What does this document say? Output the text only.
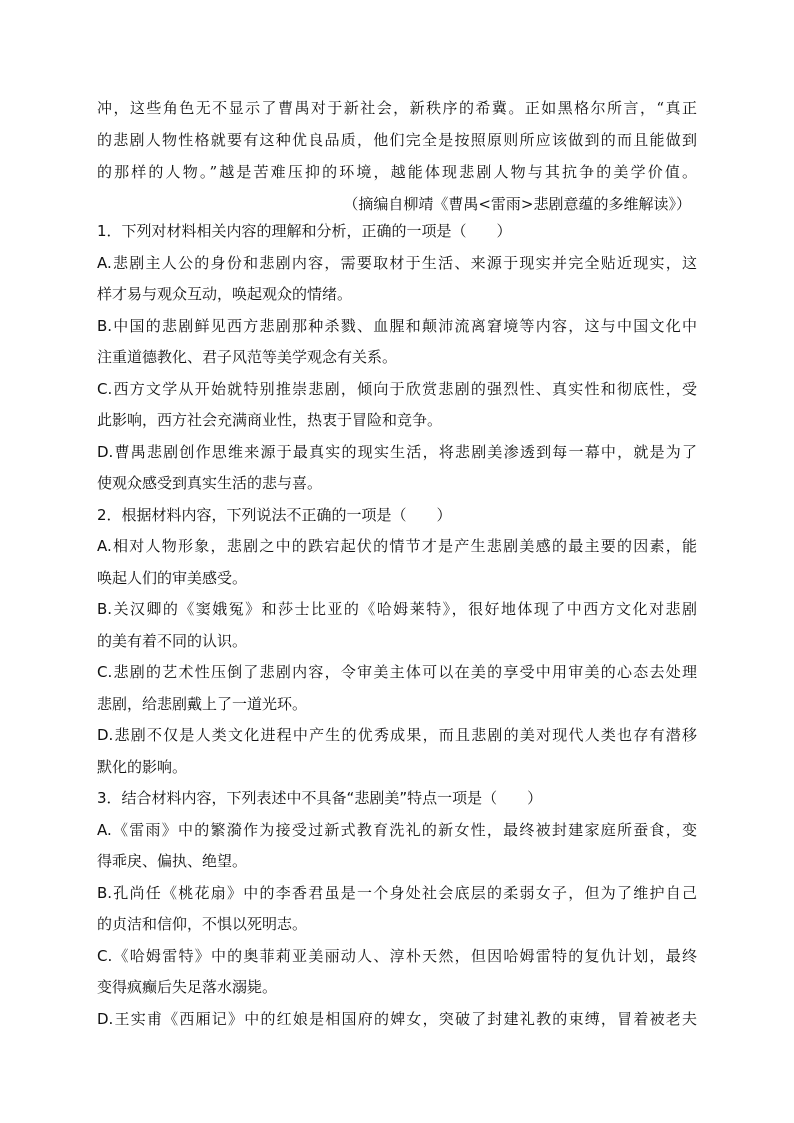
冲，这些角色无不显示了曹禺对于新社会，新秩序的希冀。正如黑格尔所言，“真正
的悲剧人物性格就要有这种优良品质，他们完全是按照原则所应该做到的而且能做到
的那样的人物。”越是苦难压抑的环境，越能体现悲剧人物与其抗争的美学价值。
（摘编自柳靖《曹禺<雷雨>悲剧意蕴的多维解读》）
1．下列对材料相关内容的理解和分析，正确的一项是（　　）
A.悲剧主人公的身份和悲剧内容，需要取材于生活、来源于现实并完全贴近现实，这
样才易与观众互动，唤起观众的情绪。
B.中国的悲剧鲜见西方悲剧那种杀戮、血腥和颠沛流离窘境等内容，这与中国文化中
注重道德教化、君子风范等美学观念有关系。
C.西方文学从开始就特别推崇悲剧，倾向于欣赏悲剧的强烈性、真实性和彻底性，受
此影响，西方社会充满商业性，热衷于冒险和竞争。
D.曹禺悲剧创作思维来源于最真实的现实生活，将悲剧美渗透到每一幕中，就是为了
使观众感受到真实生活的悲与喜。
2．根据材料内容，下列说法不正确的一项是（　　）
A.相对人物形象，悲剧之中的跌宕起伏的情节才是产生悲剧美感的最主要的因素，能
唤起人们的审美感受。
B.关汉卿的《窦娥冤》和莎士比亚的《哈姆莱特》，很好地体现了中西方文化对悲剧
的美有着不同的认识。
C.悲剧的艺术性压倒了悲剧内容，令审美主体可以在美的享受中用审美的心态去处理
悲剧，给悲剧戴上了一道光环。
D.悲剧不仅是人类文化进程中产生的优秀成果，而且悲剧的美对现代人类也存有潜移
默化的影响。
3．结合材料内容，下列表述中不具备“悲剧美”特点一项是（　　）
A.《雷雨》中的繁漪作为接受过新式教育洗礼的新女性，最终被封建家庭所蚕食，变
得乖戾、偏执、绝望。
B.孔尚任《桃花扇》中的李香君虽是一个身处社会底层的柔弱女子，但为了维护自己
的贞洁和信仰，不惧以死明志。
C.《哈姆雷特》中的奥菲莉亚美丽动人、淳朴天然，但因哈姆雷特的复仇计划，最终
变得疯癫后失足落水溺毙。
D.王实甫《西厢记》中的红娘是相国府的婢女，突破了封建礼教的束缚，冒着被老夫
